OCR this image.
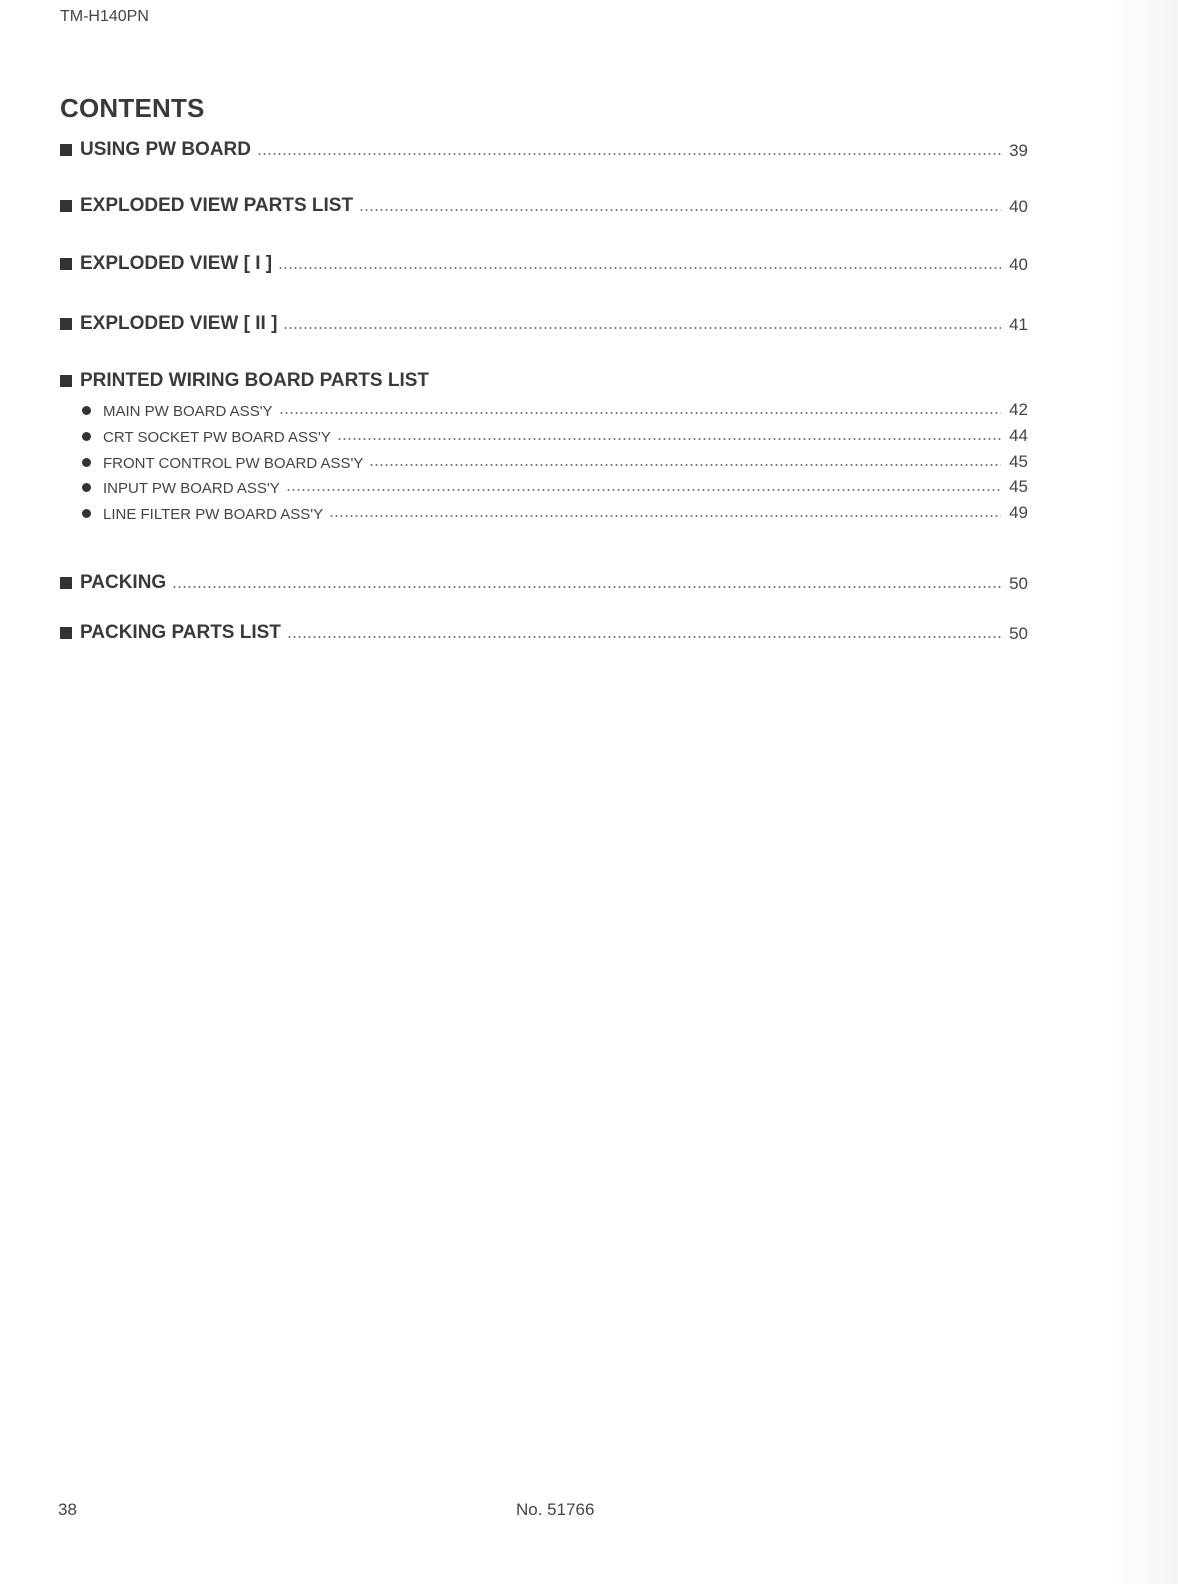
TM-H140PN
CONTENTS
USING PW BOARD	39
EXPLODED VIEW PARTS LIST	40
EXPLODED VIEW [ I ]	40
EXPLODED VIEW [ II ]	41
PRINTED WIRING BOARD PARTS LIST
MAIN PW BOARD ASS'Y	42
CRT SOCKET PW BOARD ASS'Y	44
FRONT CONTROL PW BOARD ASS'Y	45
INPUT PW BOARD ASS'Y	45
LINE FILTER PW BOARD ASS'Y	49
PACKING	50
PACKING PARTS LIST	50
38	No. 51766
